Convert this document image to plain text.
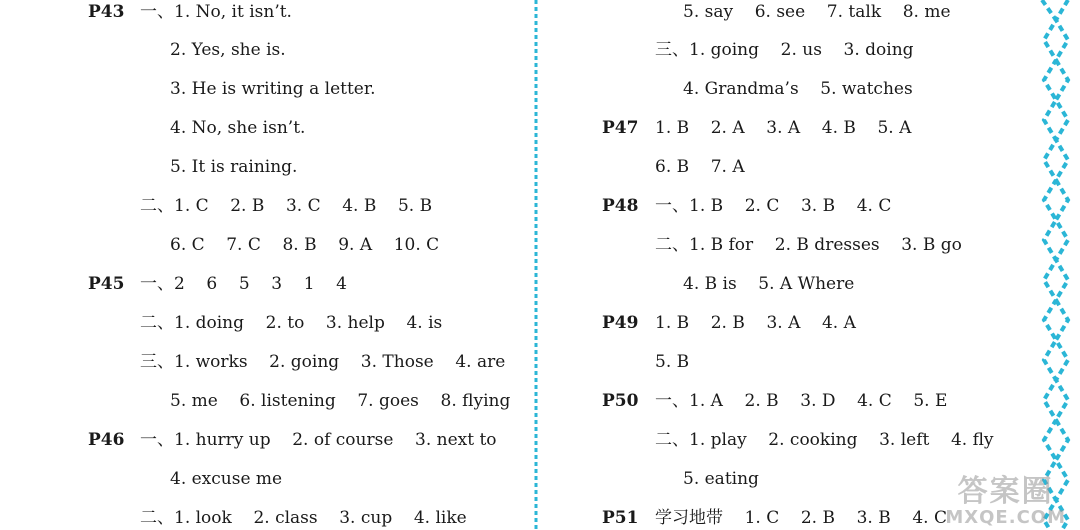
P43 一、1. No, it isn’t.
2. Yes, she is.
3. He is writing a letter.
4. No, she isn’t.
5. It is raining.
二、1. C    2. B    3. C    4. B    5. B
6. C    7. C    8. B    9. A    10. C
P45 一、2    6    5    3    1    4
二、1. doing    2. to    3. help    4. is
三、1. works    2. going    3. Those    4. are
5. me    6. listening    7. goes    8. flying
P46 一、1. hurry up    2. of course    3. next to
4. excuse me
二、1. look    2. class    3. cup    4. like
5. say    6. see    7. talk    8. me
三、1. going    2. us    3. doing
4. Grandma’s    5. watches
P47 1. B    2. A    3. A    4. B    5. A
6. B    7. A
P48 一、1. B    2. C    3. B    4. C
二、1. B for    2. B dresses    3. B go
4. B is    5. A Where
P49 1. B    2. B    3. A    4. A
5. B
P50 一、1. A    2. B    3. D    4. C    5. E
二、1. play    2. cooking    3. left    4. fly
5. eating
P51 学习地带    1. C    2. B    3. B    4. C
答案圈
MXQE.COM
